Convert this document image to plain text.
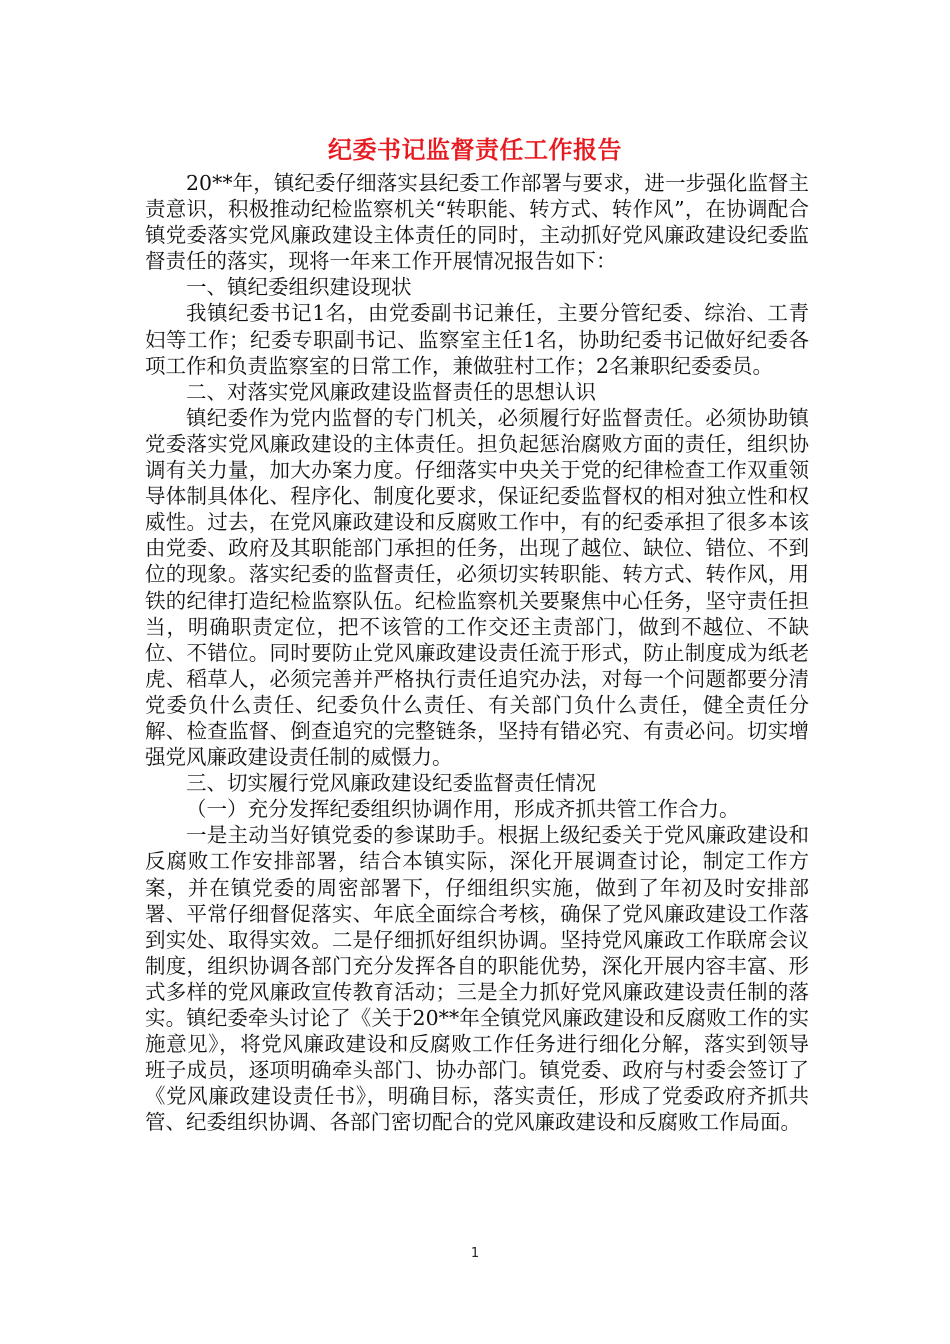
纪委书记监督责任工作报告

20**年，镇纪委仔细落实县纪委工作部署与要求，进一步强化监督主责意识，积极推动纪检监察机关“转职能、转方式、转作风”，在协调配合镇党委落实党风廉政建设主体责任的同时，主动抓好党风廉政建设纪委监督责任的落实，现将一年来工作开展情况报告如下：

一、镇纪委组织建设现状

我镇纪委书记1名，由党委副书记兼任，主要分管纪委、综治、工青妇等工作；纪委专职副书记、监察室主任1名，协助纪委书记做好纪委各项工作和负责监察室的日常工作，兼做驻村工作；2名兼职纪委委员。

二、对落实党风廉政建设监督责任的思想认识

镇纪委作为党内监督的专门机关，必须履行好监督责任。必须协助镇党委落实党风廉政建设的主体责任。担负起惩治腐败方面的责任，组织协调有关力量，加大办案力度。仔细落实中央关于党的纪律检查工作双重领导体制具体化、程序化、制度化要求，保证纪委监督权的相对独立性和权威性。过去，在党风廉政建设和反腐败工作中，有的纪委承担了很多本该由党委、政府及其职能部门承担的任务，出现了越位、缺位、错位、不到位的现象。落实纪委的监督责任，必须切实转职能、转方式、转作风，用铁的纪律打造纪检监察队伍。纪检监察机关要聚焦中心任务，坚守责任担当，明确职责定位，把不该管的工作交还主责部门，做到不越位、不缺位、不错位。同时要防止党风廉政建设责任流于形式，防止制度成为纸老虎、稻草人，必须完善并严格执行责任追究办法，对每一个问题都要分清党委负什么责任、纪委负什么责任、有关部门负什么责任，健全责任分解、检查监督、倒查追究的完整链条，坚持有错必究、有责必问。切实增强党风廉政建设责任制的威慑力。

三、切实履行党风廉政建设纪委监督责任情况

（一）充分发挥纪委组织协调作用，形成齐抓共管工作合力。

一是主动当好镇党委的参谋助手。根据上级纪委关于党风廉政建设和反腐败工作安排部署，结合本镇实际，深化开展调查讨论，制定工作方案，并在镇党委的周密部署下，仔细组织实施，做到了年初及时安排部署、平常仔细督促落实、年底全面综合考核，确保了党风廉政建设工作落到实处、取得实效。二是仔细抓好组织协调。坚持党风廉政工作联席会议制度，组织协调各部门充分发挥各自的职能优势，深化开展内容丰富、形式多样的党风廉政宣传教育活动；三是全力抓好党风廉政建设责任制的落实。镇纪委牵头讨论了《关于20**年全镇党风廉政建设和反腐败工作的实施意见》，将党风廉政建设和反腐败工作任务进行细化分解，落实到领导班子成员，逐项明确牵头部门、协办部门。镇党委、政府与村委会签订了《党风廉政建设责任书》，明确目标，落实责任，形成了党委政府齐抓共管、纪委组织协调、各部门密切配合的党风廉政建设和反腐败工作局面。

1
